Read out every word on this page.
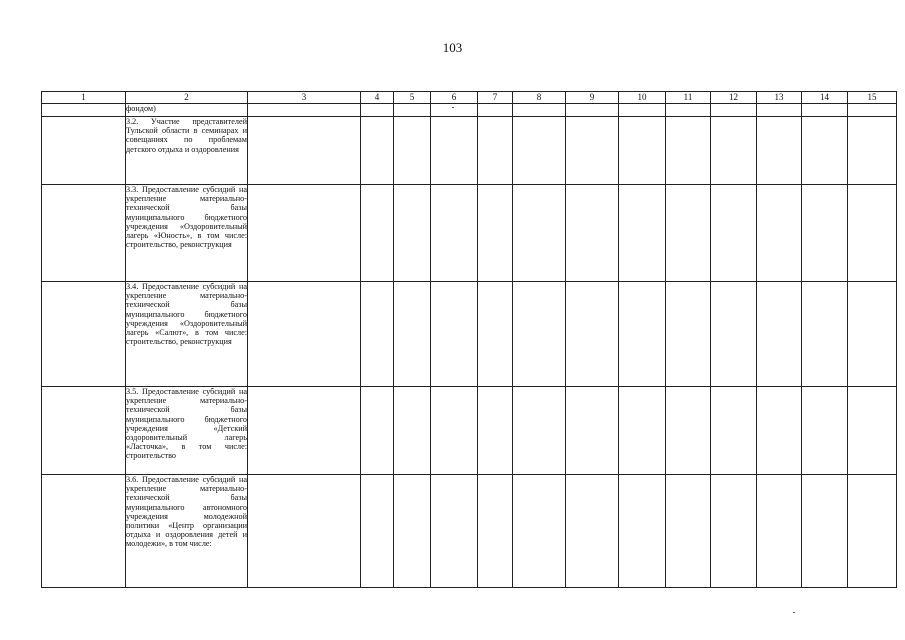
103
1	2	3	4	5	6	7	8	9	10	11	12	13	14	15
	фондом)													
	3.2. Участие представителей Тульской области в семинарах и совещаниях по проблемам детского отдыха и оздоровления													
	3.3. Предоставление субсидий на укрепление материально-технической базы муниципального бюджетного учреждения «Оздоровительный лагерь «Юность», в том числе: строительство, реконструкция													
	3.4. Предоставление субсидий на укрепление материально-технической базы муниципального бюджетного учреждения «Оздоровительный лагерь «Салют», в том числе: строительство, реконструкция													
	3.5. Предоставление субсидий на укрепление материально-технической базы муниципального бюджетного учреждения «Детский оздоровительный лагерь «Ласточка», в том числе: строительство													
	3.6. Предоставление субсидий на укрепление материально-технической базы муниципального автономного учреждения молодежной политики «Центр организации отдыха и оздоровления детей и молодежи», в том числе:													
